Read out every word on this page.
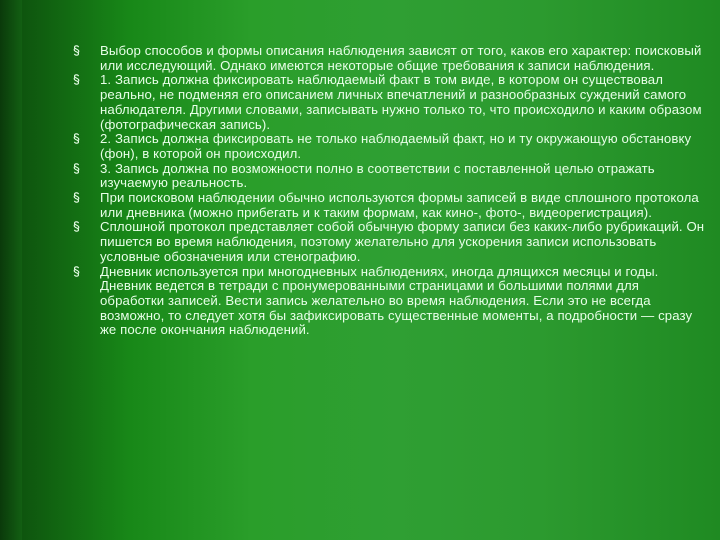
Выбор способов и формы описания наблюдения зависят от того, каков его характер: поисковый или исследующий. Однако имеются некоторые общие требования к записи наблюдения.
1. Запись должна фиксировать наблюдаемый факт в том виде, в котором он существовал реально, не подменяя его описанием личных впечатлений и разнообразных суждений самого наблюдателя. Другими словами, записывать нужно только то, что происходило и каким образом (фотографическая запись).
2. Запись должна фиксировать не только наблюдаемый факт, но и ту окружающую обстановку (фон), в которой он происходил.
3. Запись должна по возможности полно в соответствии с поставленной целью отражать изучаемую реальность.
При поисковом наблюдении обычно используются формы записей в виде сплошного протокола или дневника (можно прибегать и к таким формам, как кино-, фото-, видеорегистрация).
Сплошной протокол представляет собой обычную форму записи без каких-либо рубрикаций. Он пишется во время наблюдения, поэтому желательно для ускорения записи использовать условные обозначения или стенографию.
Дневник используется при многодневных наблюдениях, иногда длящихся месяцы и годы. Дневник ведется в тетради с пронумерованными страницами и большими полями для обработки записей. Вести запись желательно во время наблюдения. Если это не всегда возможно, то следует хотя бы зафиксировать существенные моменты, а подробности — сразу же после окончания наблюдений.
